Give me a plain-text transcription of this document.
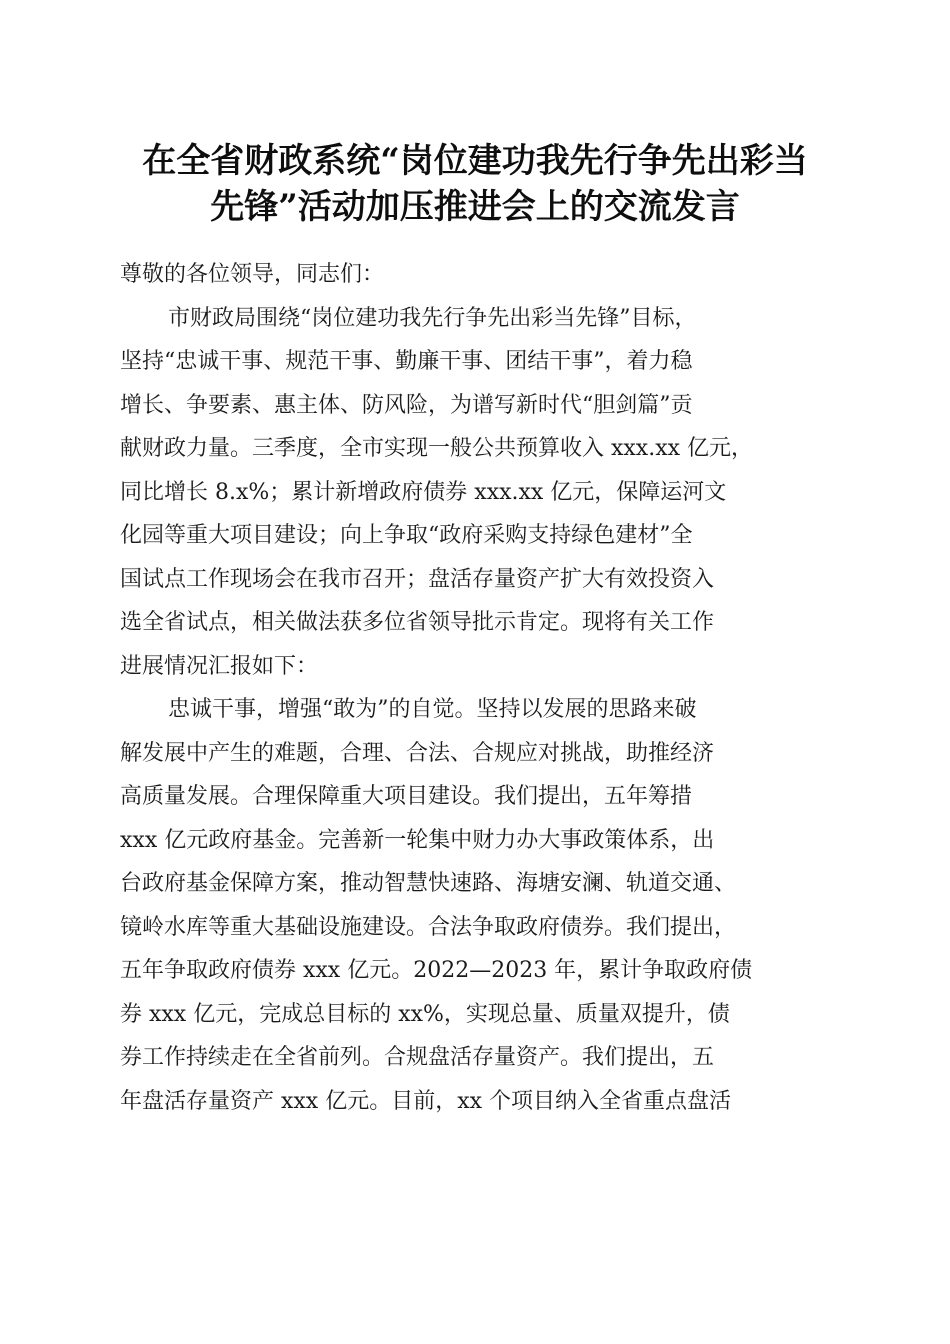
在全省财政系统“岗位建功我先行争先出彩当
先锋”活动加压推进会上的交流发言

尊敬的各位领导，同志们：

市财政局围绕“岗位建功我先行争先出彩当先锋”目标，
坚持“忠诚干事、规范干事、勤廉干事、团结干事”，着力稳
增长、争要素、惠主体、防风险，为谱写新时代“胆剑篇”贡
献财政力量。三季度，全市实现一般公共预算收入 xxx.xx 亿元，
同比增长 8.x%；累计新增政府债券 xxx.xx 亿元，保障运河文
化园等重大项目建设；向上争取“政府采购支持绿色建材”全
国试点工作现场会在我市召开；盘活存量资产扩大有效投资入
选全省试点，相关做法获多位省领导批示肯定。现将有关工作
进展情况汇报如下：

忠诚干事，增强“敢为”的自觉。坚持以发展的思路来破
解发展中产生的难题，合理、合法、合规应对挑战，助推经济
高质量发展。合理保障重大项目建设。我们提出，五年筹措
xxx 亿元政府基金。完善新一轮集中财力办大事政策体系，出
台政府基金保障方案，推动智慧快速路、海塘安澜、轨道交通、
镜岭水库等重大基础设施建设。合法争取政府债券。我们提出，
五年争取政府债券 xxx 亿元。2022—2023 年，累计争取政府债
券 xxx 亿元，完成总目标的 xx%，实现总量、质量双提升，债
券工作持续走在全省前列。合规盘活存量资产。我们提出，五
年盘活存量资产 xxx 亿元。目前，xx 个项目纳入全省重点盘活
